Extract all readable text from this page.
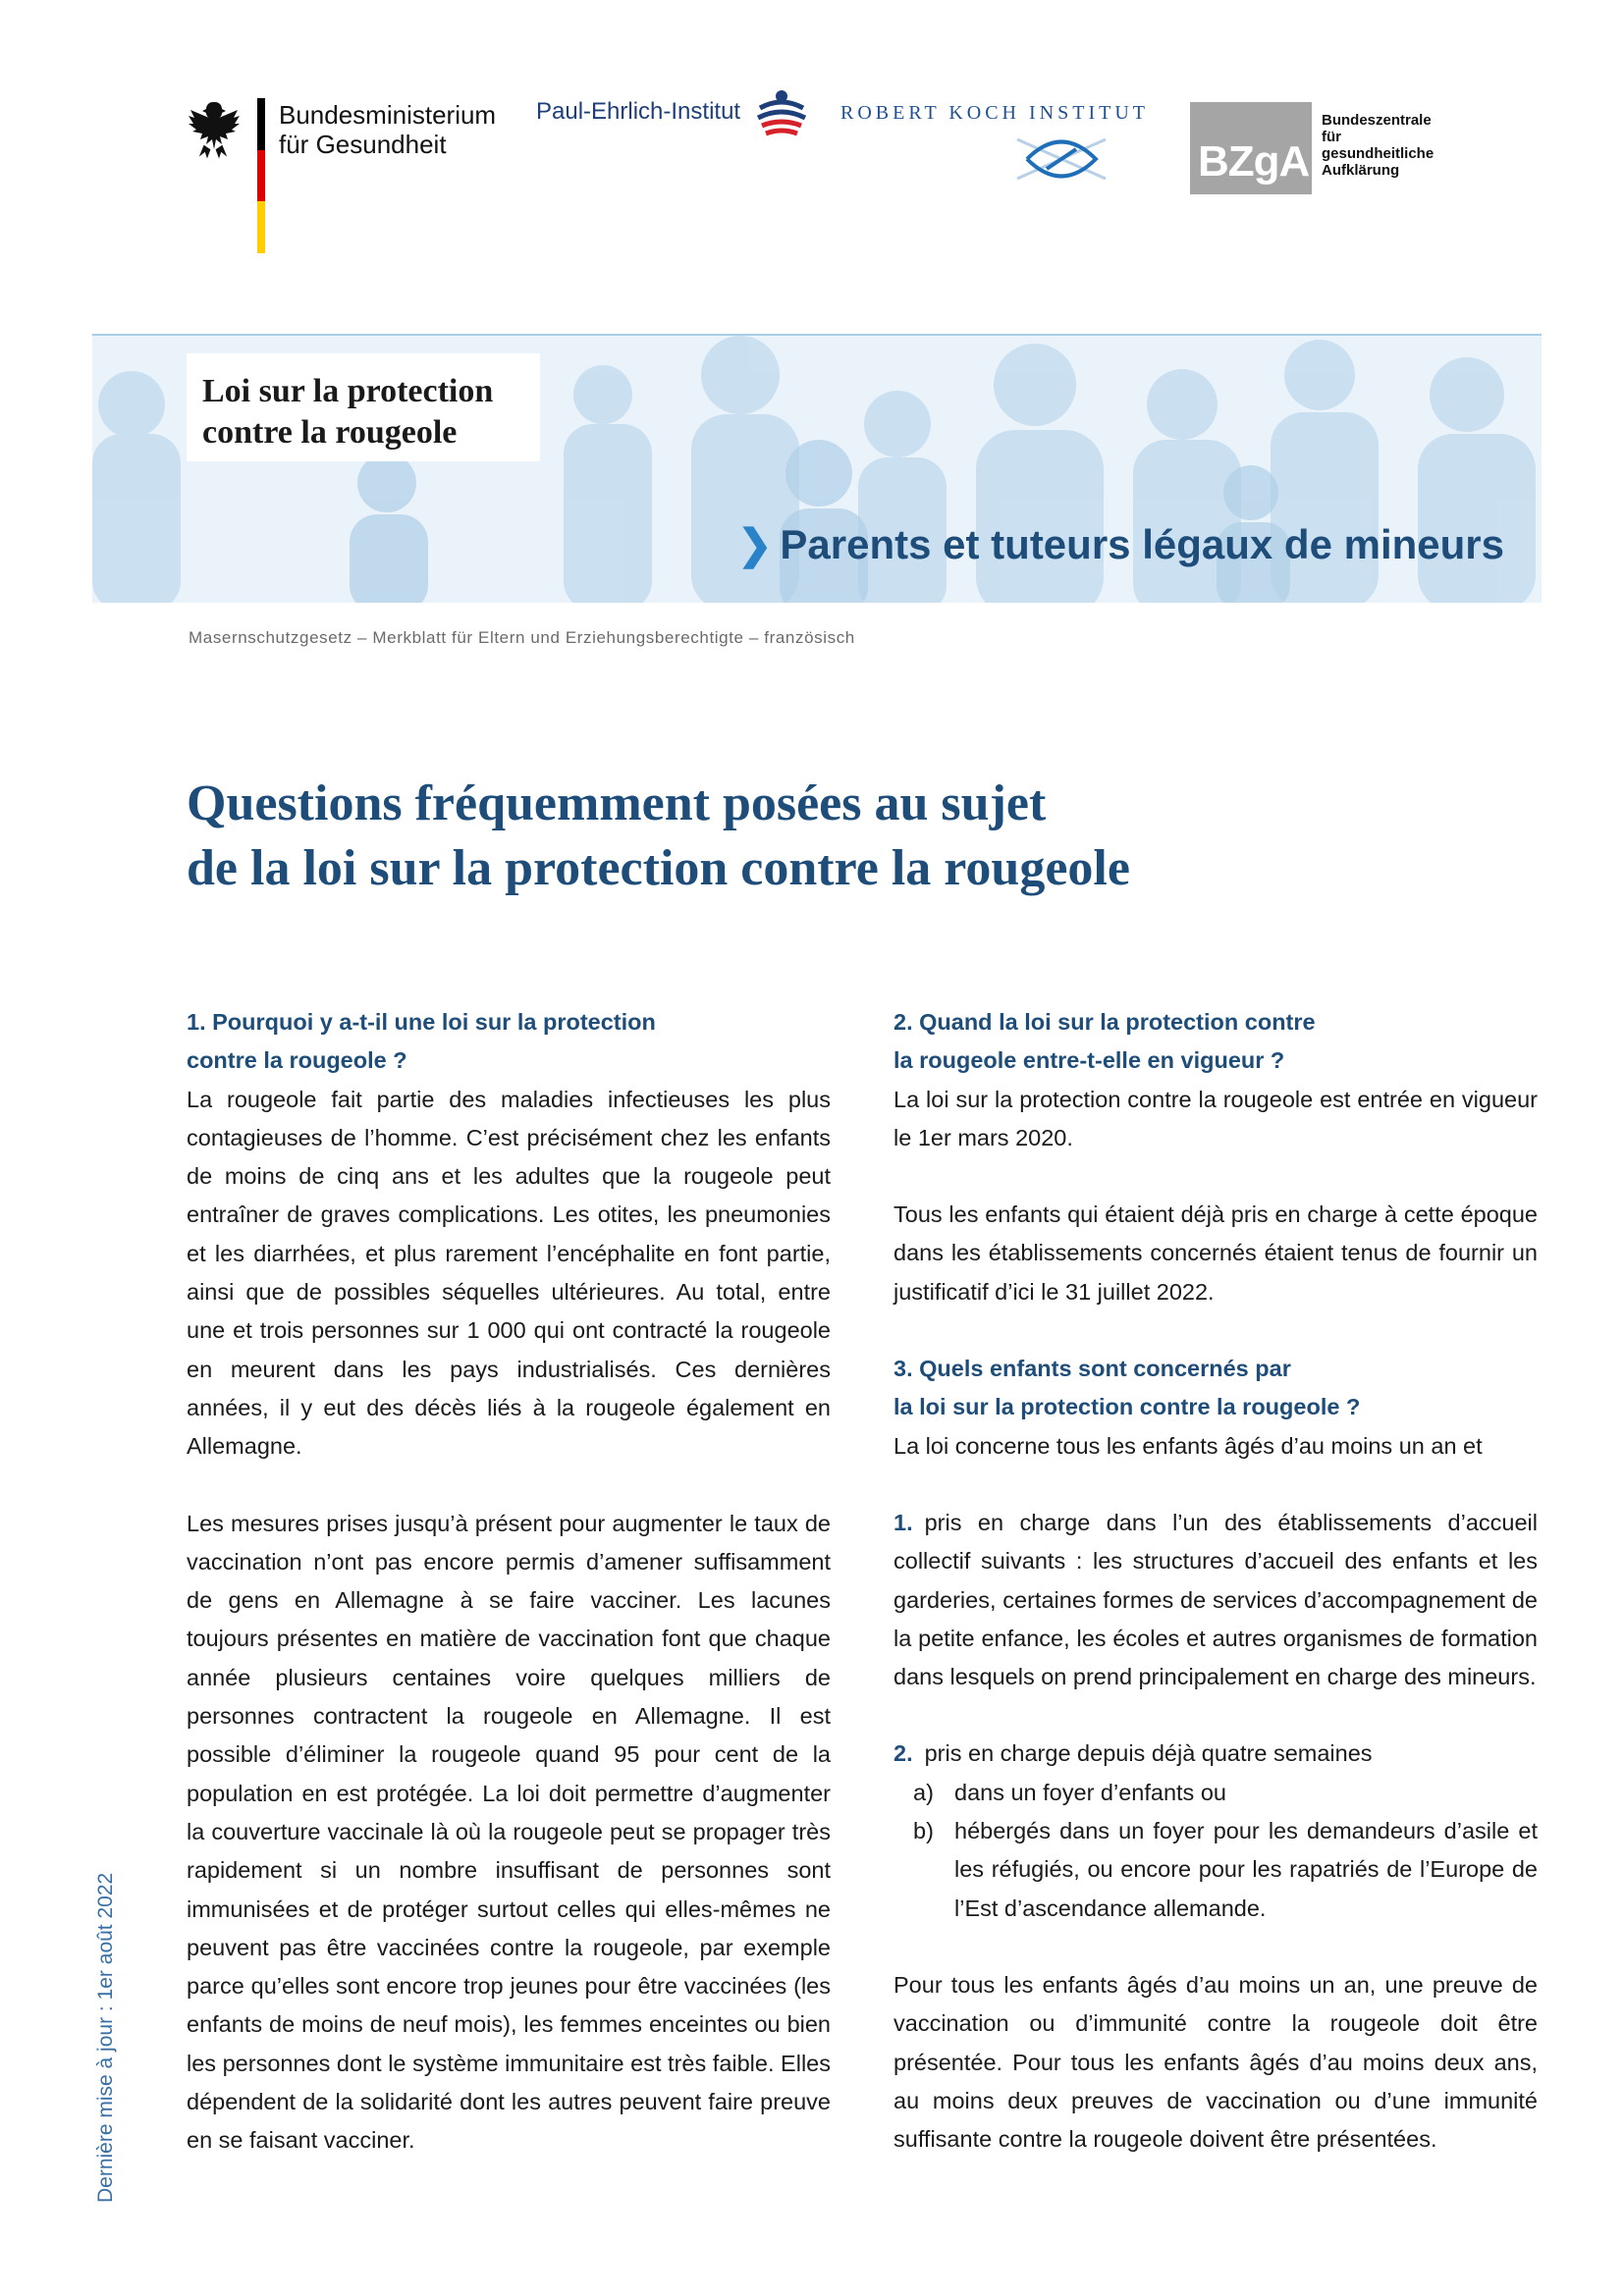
Bundesministerium
für Gesundheit
Paul-Ehrlich-Institut	ROBERT KOCH INSTITUT
BZgA
Bundeszentrale
für
gesundheitliche
Aufklärung
Loi sur la protection
contre la rougeole
❯ Parents et tuteurs légaux de mineurs
Masernschutzgesetz – Merkblatt für Eltern und Erziehungsberechtigte – französisch
Questions fréquemment posées au sujet
de la loi sur la protection contre la rougeole
1. Pourquoi y a-t-il une loi sur la protection
contre la rougeole ?

La rougeole fait partie des maladies infectieuses les plus contagieuses de l’homme. C’est précisément chez les enfants de moins de cinq ans et les adultes que la rougeole peut entraîner de graves complications. Les otites, les pneumonies et les diarrhées, et plus rarement l’encéphalite en font partie, ainsi que de possibles séquelles ultérieures. Au total, entre une et trois personnes sur 1 000 qui ont contracté la rougeole en meurent dans les pays industrialisés. Ces dernières années, il y eut des décès liés à la rougeole également en Allemagne.

Les mesures prises jusqu’à présent pour augmenter le taux de vaccination n’ont pas encore permis d’amener suffisamment de gens en Allemagne à se faire vacciner. Les lacunes toujours présentes en matière de vaccination font que chaque année plusieurs centaines voire quelques milliers de personnes contractent la rougeole en Allemagne. Il est possible d’éliminer la rougeole quand 95 pour cent de la population en est protégée. La loi doit permettre d’augmenter la couverture vaccinale là où la rougeole peut se propager très rapidement si un nombre insuffisant de personnes sont immunisées et de protéger surtout celles qui elles-mêmes ne peuvent pas être vaccinées contre la rougeole, par exemple parce qu’elles sont encore trop jeunes pour être vaccinées (les enfants de moins de neuf mois), les femmes enceintes ou bien les personnes dont le système immunitaire est très faible. Elles dépendent de la solidarité dont les autres peuvent faire preuve en se faisant vacciner.

2. Quand la loi sur la protection contre
la rougeole entre-t-elle en vigueur ?

La loi sur la protection contre la rougeole est entrée en vigueur le 1er mars 2020.

Tous les enfants qui étaient déjà pris en charge à cette époque dans les établissements concernés étaient tenus de fournir un justificatif d’ici le 31 juillet 2022.

3. Quels enfants sont concernés par
la loi sur la protection contre la rougeole ?

La loi concerne tous les enfants âgés d’au moins un an et

1. pris en charge dans l’un des établissements d’accueil collectif suivants : les structures d’accueil des enfants et les garderies, certaines formes de services d’accompagnement de la petite enfance, les écoles et autres organismes de formation dans lesquels on prend principalement en charge des mineurs.

2. pris en charge depuis déjà quatre semaines

a) dans un foyer d’enfants ou
b) hébergés dans un foyer pour les demandeurs d’asile et les réfugiés, ou encore pour les rapatriés de l’Europe de l’Est d’ascendance allemande.

Pour tous les enfants âgés d’au moins un an, une preuve de vaccination ou d’immunité contre la rougeole doit être présentée. Pour tous les enfants âgés d’au moins deux ans, au moins deux preuves de vaccination ou d’une immunité suffisante contre la rougeole doivent être présentées.

Dernière mise à jour : 1er août 2022
